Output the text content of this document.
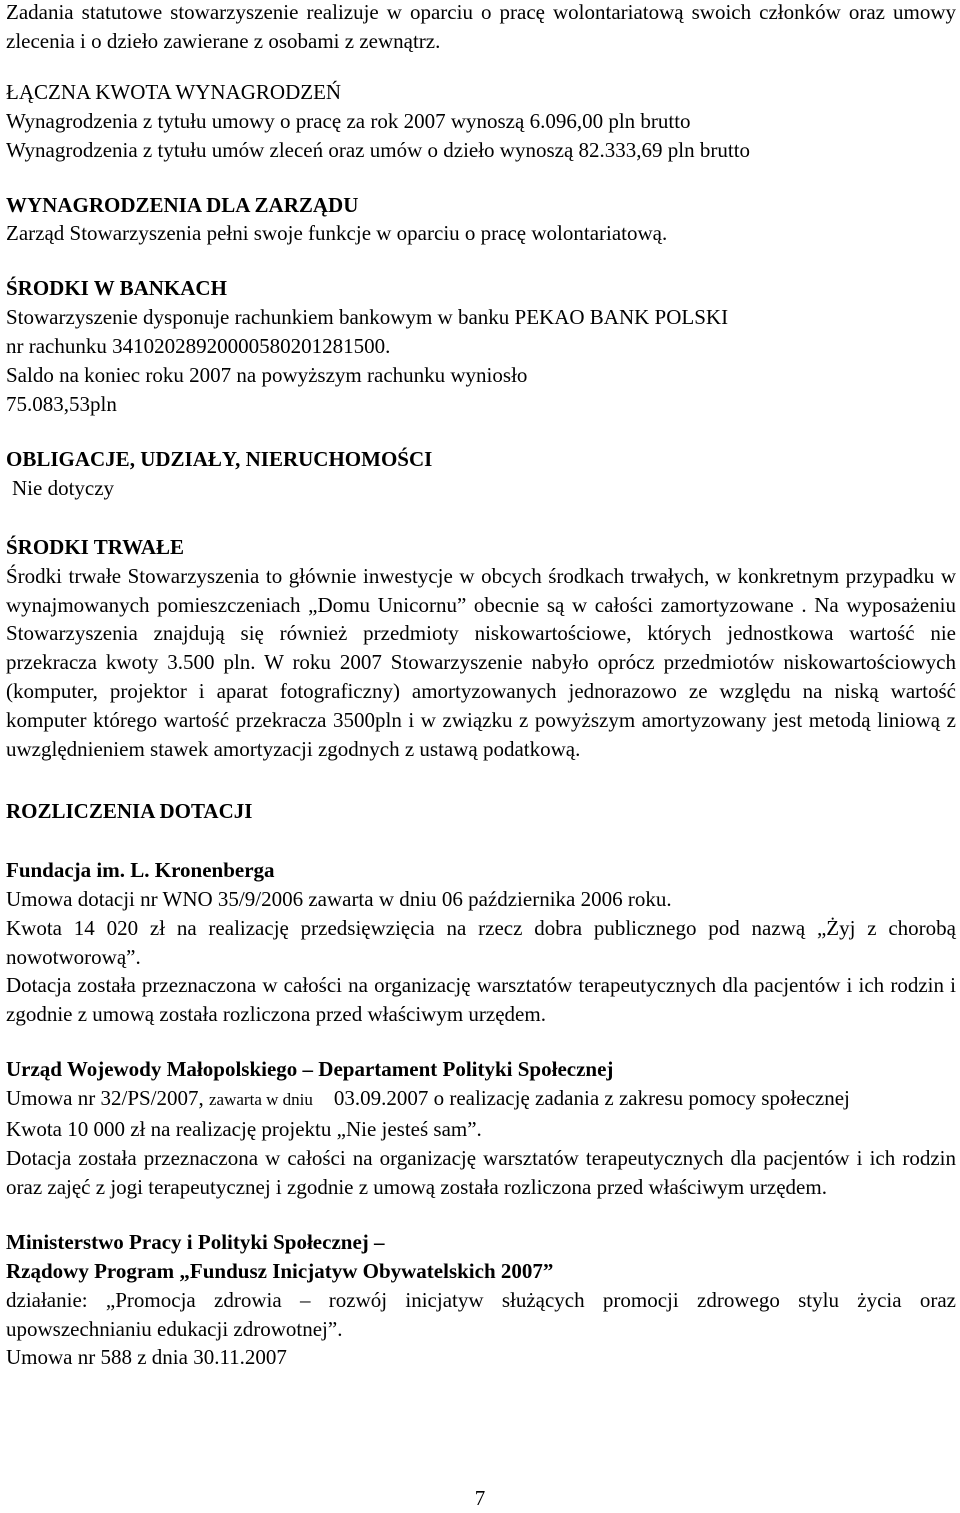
Zadania statutowe stowarzyszenie realizuje w oparciu o pracę wolontariatową swoich członków oraz umowy zlecenia i o dzieło zawierane z osobami z zewnątrz.

ŁĄCZNA KWOTA WYNAGRODZEŃ

Wynagrodzenia z tytułu umowy o pracę za rok 2007 wynoszą 6.096,00 pln brutto

Wynagrodzenia z tytułu umów zleceń oraz umów o dzieło wynoszą 82.333,69 pln brutto

WYNAGRODZENIA DLA ZARZĄDU

Zarząd Stowarzyszenia pełni swoje funkcje w oparciu o pracę wolontariatową.

ŚRODKI W BANKACH

Stowarzyszenie dysponuje rachunkiem bankowym w banku PEKAO BANK POLSKI

nr rachunku 34102028920000580201281500.

Saldo na koniec roku 2007 na powyższym rachunku wyniosło

75.083,53pln

OBLIGACJE, UDZIAŁY, NIERUCHOMOŚCI

Nie dotyczy

ŚRODKI TRWAŁE

Środki trwałe Stowarzyszenia to głównie inwestycje w obcych środkach trwałych, w konkretnym przypadku w wynajmowanych pomieszczeniach „Domu Unicornu” obecnie są w całości zamortyzowane . Na wyposażeniu Stowarzyszenia znajdują się również przedmioty niskowartościowe, których jednostkowa wartość nie przekracza kwoty 3.500 pln. W roku 2007 Stowarzyszenie nabyło oprócz przedmiotów niskowartościowych (komputer, projektor i aparat fotograficzny) amortyzowanych jednorazowo ze względu na niską wartość komputer którego wartość przekracza 3500pln i w związku z powyższym amortyzowany jest metodą liniową z uwzględnieniem stawek amortyzacji zgodnych z ustawą podatkową.

ROZLICZENIA DOTACJI

Fundacja im. L. Kronenberga

Umowa dotacji nr WNO 35/9/2006 zawarta w dniu 06 października 2006 roku.

Kwota 14 020 zł na realizację przedsięwzięcia na rzecz dobra publicznego pod nazwą „Żyj z chorobą nowotworową”.

Dotacja została przeznaczona w całości na organizację warsztatów terapeutycznych dla pacjentów i ich rodzin i zgodnie z umową została rozliczona przed właściwym urzędem.

Urząd Wojewody Małopolskiego – Departament Polityki Społecznej

Umowa nr 32/PS/2007, zawarta w dniu 03.09.2007 o realizację zadania z zakresu pomocy społecznej

Kwota 10 000 zł na realizację projektu „Nie jesteś sam”.

Dotacja została przeznaczona w całości na organizację warsztatów terapeutycznych dla pacjentów i ich rodzin oraz zajęć z jogi terapeutycznej i zgodnie z umową została rozliczona przed właściwym urzędem.

Ministerstwo Pracy i Polityki Społecznej –

Rządowy Program „Fundusz Inicjatyw Obywatelskich 2007”

działanie: „Promocja zdrowia – rozwój inicjatyw służących promocji zdrowego stylu życia oraz upowszechnianiu edukacji zdrowotnej”.

Umowa nr 588 z dnia 30.11.2007

7
